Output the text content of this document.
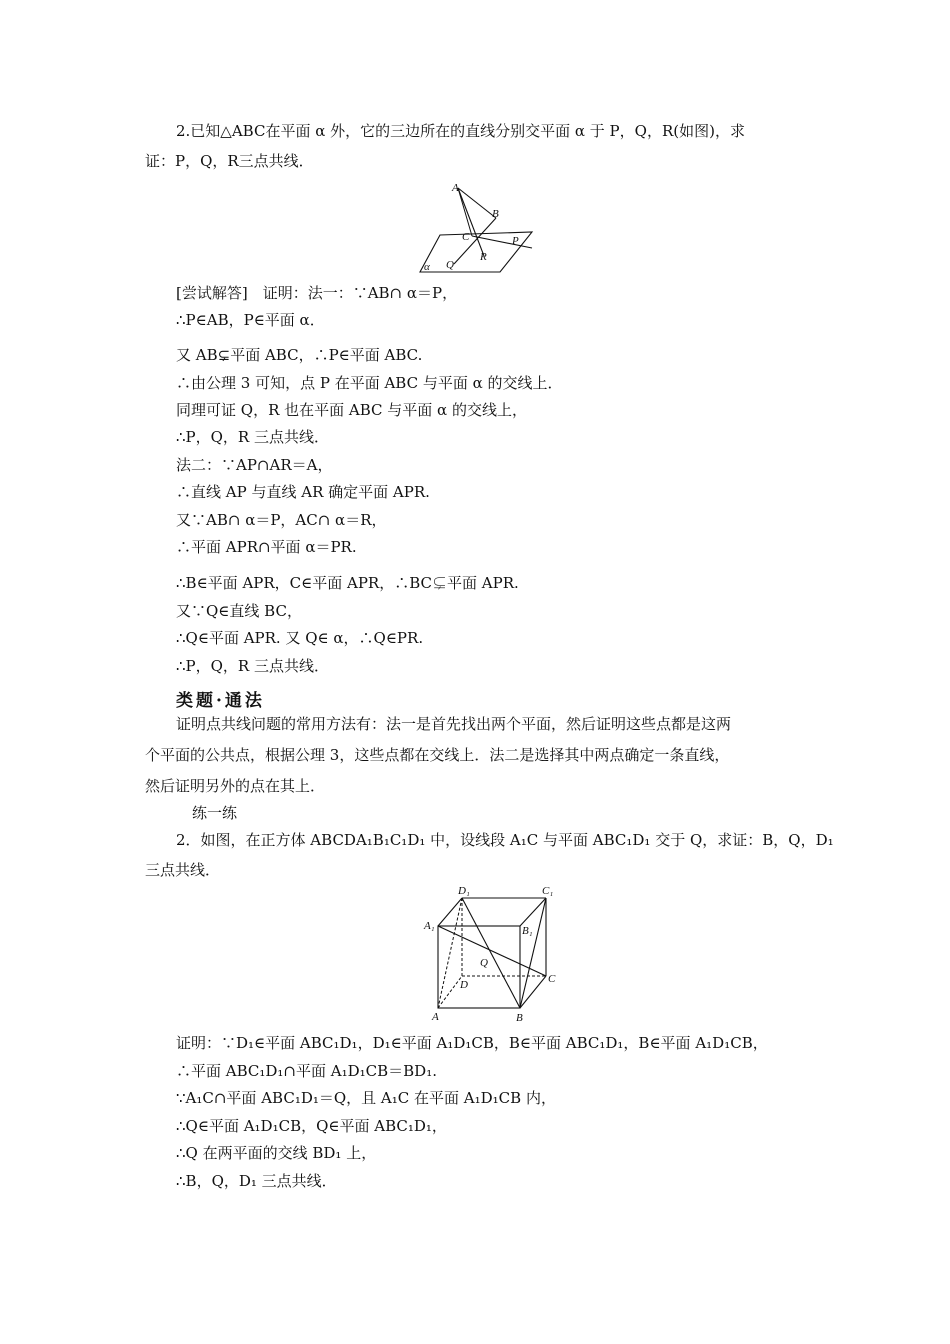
2.已知△ABC在平面 α 外，它的三边所在的直线分别交平面 α 于 P，Q，R(如图)，求
证：P，Q，R三点共线．
A
B
C	P
Q
R
α
[尝试解答]　证明：法一：∵AB∩ α＝P，
∴P∈AB，P∈平面 α．
又 AB⊊平面 ABC，∴P∈平面 ABC.
∴由公理 3 可知，点 P 在平面 ABC 与平面 α 的交线上．
同理可证 Q，R 也在平面 ABC 与平面 α 的交线上，
∴P，Q，R 三点共线．
法二：∵AP∩AR＝A，
∴直线 AP 与直线 AR 确定平面 APR.
又∵AB∩ α＝P，AC∩ α＝R，
∴平面 APR∩平面 α＝PR.
∴B∈平面 APR，C∈平面 APR，∴BC⊊平面 APR.
又∵Q∈直线 BC，
∴Q∈平面 APR. 又 Q∈ α，∴Q∈PR.
∴P，Q，R 三点共线．
类题·通法
证明点共线问题的常用方法有：法一是首先找出两个平面，然后证明这些点都是这两
个平面的公共点，根据公理 3，这些点都在交线上．法二是选择其中两点确定一条直线，
然后证明另外的点在其上．
练一练
2．如图，在正方体 ABCDA₁B₁C₁D₁ 中，设线段 A₁C 与平面 ABC₁D₁ 交于 Q，求证：B，Q，D₁
三点共线．
D₁	C₁
A₁	B₁
Q
D	C
A	B
证明：∵D₁∈平面 ABC₁D₁，D₁∈平面 A₁D₁CB，B∈平面 ABC₁D₁，B∈平面 A₁D₁CB，
∴平面 ABC₁D₁∩平面 A₁D₁CB＝BD₁.
∵A₁C∩平面 ABC₁D₁＝Q，且 A₁C 在平面 A₁D₁CB 内，
∴Q∈平面 A₁D₁CB，Q∈平面 ABC₁D₁，
∴Q 在两平面的交线 BD₁ 上，
∴B，Q，D₁ 三点共线．
